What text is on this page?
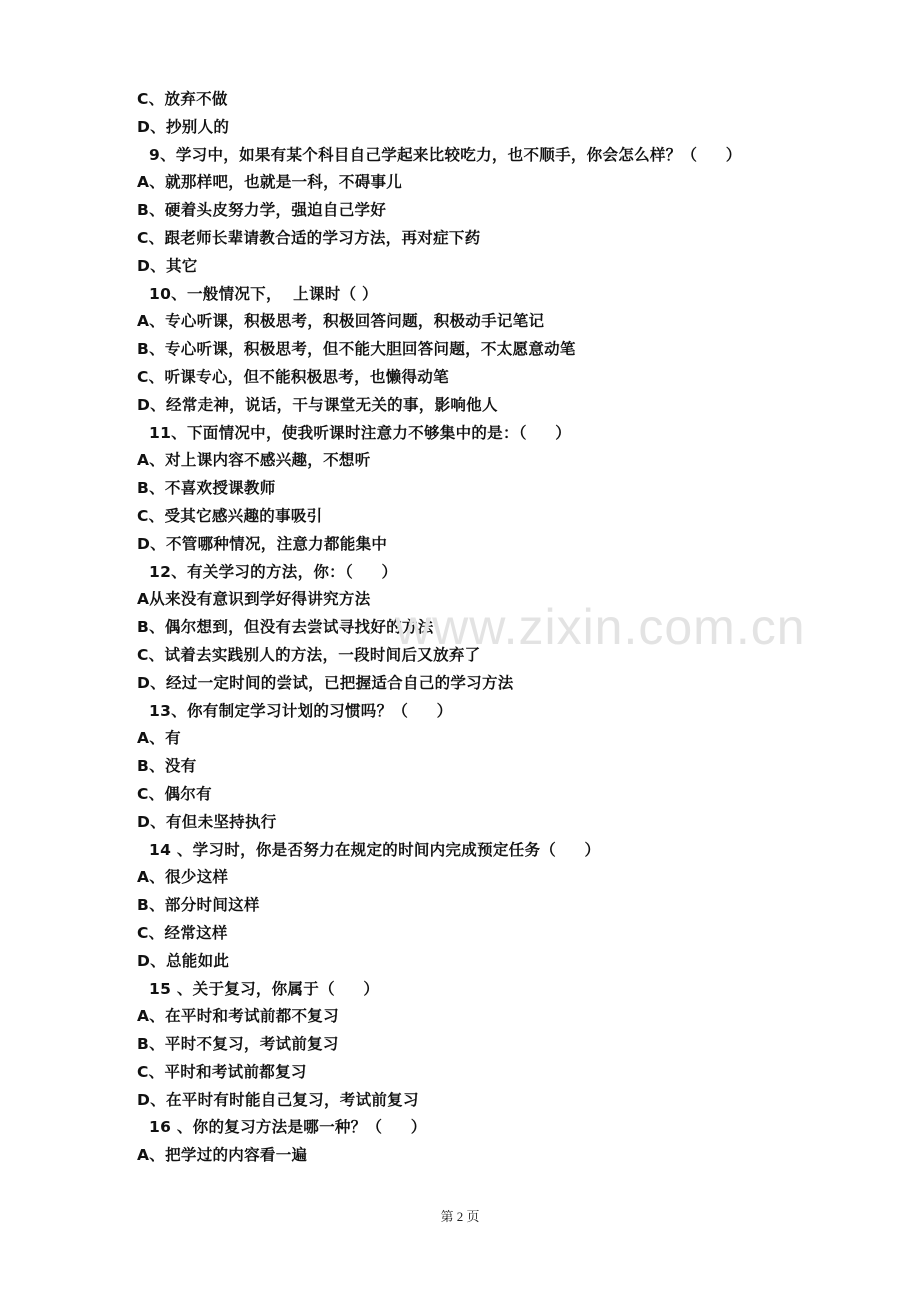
C、放弃不做
D、抄别人的
9、学习中，如果有某个科目自己学起来比较吃力，也不顺手，你会怎么样？（     ）
A、就那样吧，也就是一科，不碍事儿
B、硬着头皮努力学，强迫自己学好
C、跟老师长辈请教合适的学习方法，再对症下药
D、其它
10、一般情况下，  上课时（ ）
A、专心听课，积极思考，积极回答问题，积极动手记笔记
B、专心听课，积极思考，但不能大胆回答问题，不太愿意动笔
C、听课专心，但不能积极思考，也懒得动笔
D、经常走神，说话，干与课堂无关的事，影响他人
11、下面情况中，使我听课时注意力不够集中的是：（     ）
A、对上课内容不感兴趣，不想听
B、不喜欢授课教师
C、受其它感兴趣的事吸引
D、不管哪种情况，注意力都能集中
12、有关学习的方法，你：（     ）
A从来没有意识到学好得讲究方法
B、偶尔想到，但没有去尝试寻找好的方法
C、试着去实践别人的方法，一段时间后又放弃了
D、经过一定时间的尝试，已把握适合自己的学习方法
13、你有制定学习计划的习惯吗？（     ）
A、有
B、没有
C、偶尔有
D、有但未坚持执行
14 、学习时，你是否努力在规定的时间内完成预定任务（     ）
A、很少这样
B、部分时间这样
C、经常这样
D、总能如此
15 、关于复习，你属于（     ）
A、在平时和考试前都不复习
B、平时不复习，考试前复习
C、平时和考试前都复习
D、在平时有时能自己复习，考试前复习
16 、你的复习方法是哪一种？（     ）
A、把学过的内容看一遍
www.zixin.com.cn
第 2 页
